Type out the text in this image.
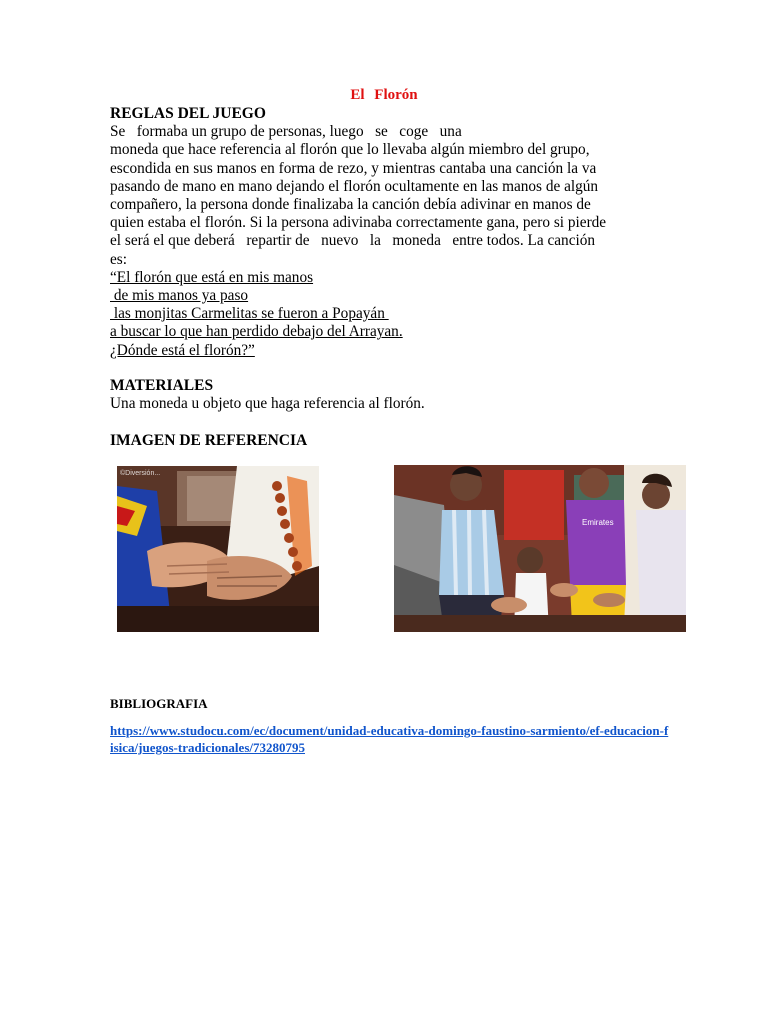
El Florón
REGLAS DEL JUEGO
Se   formaba un grupo de personas, luego   se   coge   una
moneda que hace referencia al florón que lo llevaba algún miembro del grupo,
escondida en sus manos en forma de rezo, y mientras cantaba una canción la va
pasando de mano en mano dejando el florón ocultamente en las manos de algún
compañero, la persona donde finalizaba la canción debía adivinar en manos de
quien estaba el florón. Si la persona adivinaba correctamente gana, pero si pierde
el será el que deberá   repartir de   nuevo   la   moneda   entre todos. La canción
es:
“El florón que está en mis manos
de mis manos ya paso
las monjitas Carmelitas se fueron a Popayán
a buscar lo que han perdido debajo del Arrayan.
¿Dónde está el florón?”
MATERIALES
Una moneda u objeto que haga referencia al florón.
IMAGEN DE REFERENCIA
©Diversión...
Emirates
BIBLIOGRAFIA
https://www.studocu.com/ec/document/unidad-educativa-domingo-faustino-sarmiento/ef-educacion-fisica/juegos-tradicionales/73280795
